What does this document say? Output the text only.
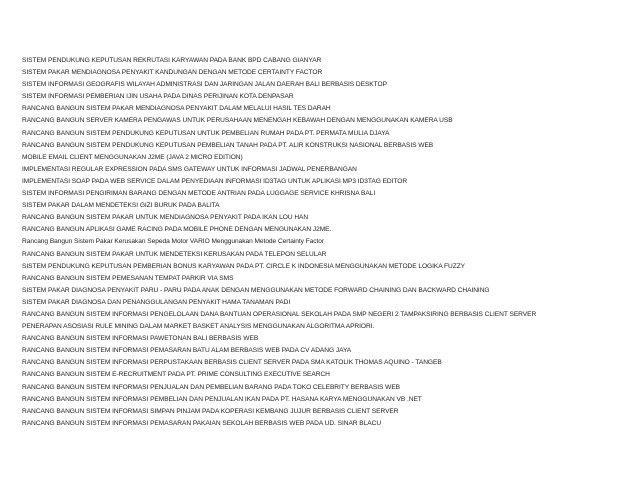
SISTEM PENDUKUNG KEPUTUSAN REKRUTASI KARYAWAN PADA BANK BPD CABANG GIANYAR
SISTEM PAKAR MENDIAGNOSA PENYAKIT KANDUNGAN DENGAN METODE CERTAINTY FACTOR
SISTEM INFORMASI GEOGRAFIS WILAYAH ADMINISTRASI DAN JARINGAN JALAN DAERAH BALI BERBASIS DESKTOP
SISTEM INFORMASI PEMBERIAN IJIN USAHA PADA DINAS PERIJINAN KOTA DENPASAR
RANCANG BANGUN SISTEM PAKAR MENDIAGNOSA PENYAKIT DALAM MELALUI HASIL TES DARAH
RANCANG BANGUN SERVER KAMERA PENGAWAS UNTUK PERUSAHAAN MENENGAH KEBAWAH DENGAN MENGGUNAKAN KAMERA USB
RANCANG BANGUN SISTEM PENDUKUNG KEPUTUSAN UNTUK PEMBELIAN RUMAH PADA PT. PERMATA MULIA DJAYA
RANCANG BANGUN SISTEM PENDUKUNG KEPUTUSAN PEMBELIAN TANAH PADA PT. ALIR KONSTRUKSI NASIONAL BERBASIS WEB
MOBILE EMAIL CLIENT MENGGUNAKAN J2ME (JAVA 2 MICRO EDITION)
IMPLEMENTASI REGULAR EXPRESSION PADA SMS GATEWAY UNTUK INFORMASI JADWAL PENERBANGAN
IMPLEMENTASI SOAP PADA WEB SERVICE DALAM PENYEDIAAN INFORMASI ID3TAG UNTUK APLIKASI MP3 ID3TAG EDITOR
SISTEM INFORMASI PENGIRIMAN BARANG DENGAN METODE ANTRIAN PADA LUGGAGE SERVICE KHRISNA BALI
SISTEM PAKAR DALAM MENDETEKSI GIZI BURUK PADA BALITA
RANCANG BANGUN SISTEM PAKAR UNTUK MENDIAGNOSA PENYAKIT PADA IKAN LOU HAN
RANCANG BANGUN APLIKASI GAME RACING PADA MOBILE PHONE DENGAN MENGUNAKAN J2ME.
Rancang Bangun Sistem Pakar Kerusakan Sepeda Motor VARIO Menggunakan Metode Certainty Factor
RANCANG BANGUN SISTEM PAKAR UNTUK MENDETEKSI KERUSAKAN PADA TELEPON SELULAR
SISTEM PENDUKUNG KEPUTUSAN PEMBERIAN BONUS KARYAWAN PADA PT. CIRCLE K INDONESIA MENGGUNAKAN METODE LOGIKA FUZZY
RANCANG BANGUN SISTEM PEMESANAN TEMPAT PARKIR VIA SMS
SISTEM PAKAR DIAGNOSA PENYAKIT PARU - PARU PADA ANAK DENGAN MENGGUNAKAN METODE FORWARD CHAINING DAN BACKWARD CHAINING
SISTEM PAKAR DIAGNOSA DAN PENANGGULANGAN PENYAKIT HAMA TANAMAN PADI
RANCANG BANGUN SISTEM INFORMASI PENGELOLAAN DANA BANTUAN OPERASIONAL SEKOLAH PADA SMP NEGERI 2 TAMPAKSIRING BERBASIS CLIENT SERVER
PENERAPAN ASOSIASI RULE MINING DALAM MARKET BASKET ANALYSIS MENGGUNAKAN ALGORITMA APRIORI.
RANCANG BANGUN SISTEM INFORMASI PAWETONAN BALI BERBASIS WEB
RANCANG BANGUN SISTEM INFORMASI PEMASARAN BATU ALAM BERBASIS WEB PADA CV ADANG JAYA
RANCANG BANGUN SISTEM INFORMASI PERPUSTAKAAN BERBASIS CLIENT SERVER PADA SMA KATOLIK THOMAS AQUINO - TANGEB
RANCANG BANGUN SISTEM E-RECRUITMENT PADA PT. PRIME CONSULTING EXECUTIVE SEARCH
RANCANG BANGUN SISTEM INFORMASI PENJUALAN DAN PEMBELIAN BARANG PADA TOKO CELEBRITY BERBASIS WEB
RANCANG BANGUN SISTEM INFORMASI PEMBELIAN DAN PENJUALAN IKAN PADA PT. HASANA KARYA MENGGUNAKAN VB .NET
RANCANG BANGUN SISTEM INFORMASI SIMPAN PINJAM PADA KOPERASI KEMBANG JUJUR BERBASIS CLIENT SERVER
RANCANG BANGUN SISTEM INFORMASI PEMASARAN PAKAIAN SEKOLAH BERBASIS WEB PADA UD. SINAR BLACU
